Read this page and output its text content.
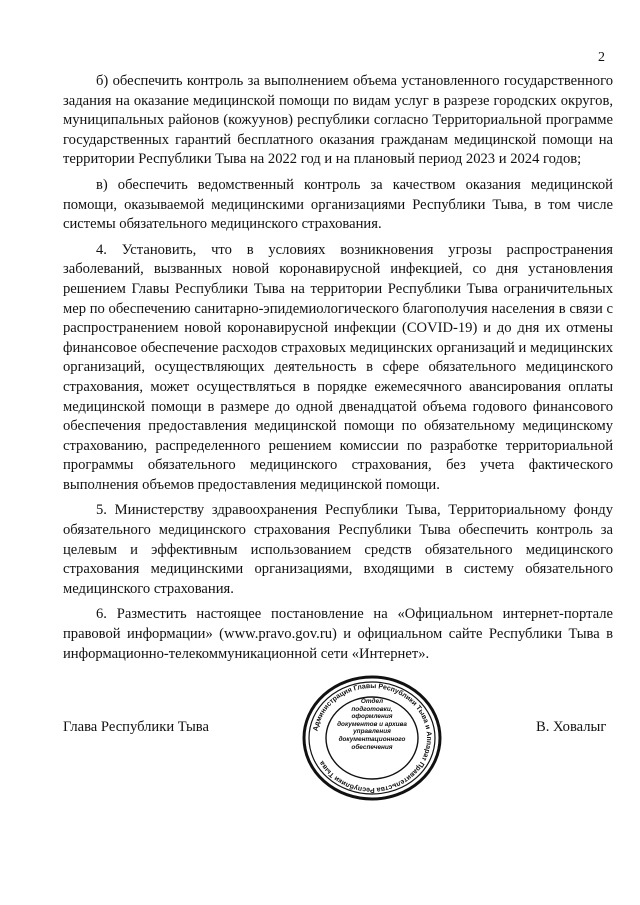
2

б) обеспечить контроль за выполнением объема установленного государственного задания на оказание медицинской помощи по видам услуг в разрезе городских округов, муниципальных районов (кожуунов) республики согласно Территориальной программе государственных гарантий бесплатного оказания гражданам медицинской помощи на территории Республики Тыва на 2022 год и на плановый период 2023 и 2024 годов;

в) обеспечить ведомственный контроль за качеством оказания медицинской помощи, оказываемой медицинскими организациями Республики Тыва, в том числе системы обязательного медицинского страхования.

4. Установить, что в условиях возникновения угрозы распространения заболеваний, вызванных новой коронавирусной инфекцией, со дня установления решением Главы Республики Тыва на территории Республики Тыва ограничительных мер по обеспечению санитарно-эпидемиологического благополучия населения в связи с распространением новой коронавирусной инфекции (COVID-19) и до дня их отмены финансовое обеспечение расходов страховых медицинских организаций и медицинских организаций, осуществляющих деятельность в сфере обязательного медицинского страхования, может осуществляться в порядке ежемесячного авансирования оплаты медицинской помощи в размере до одной двенадцатой объема годового финансового обеспечения предоставления медицинской помощи по обязательному медицинскому страхованию, распределенного решением комиссии по разработке территориальной программы обязательного медицинского страхования, без учета фактического выполнения объемов предоставления медицинской помощи.

5. Министерству здравоохранения Республики Тыва, Территориальному фонду обязательного медицинского страхования Республики Тыва обеспечить контроль за целевым и эффективным использованием средств обязательного медицинского страхования медицинскими организациями, входящими в систему обязательного медицинского страхования.

6. Разместить настоящее постановление на «Официальном интернет-портале правовой информации» (www.pravo.gov.ru) и официальном сайте Республики Тыва в информационно-телекоммуникационной сети «Интернет».

Глава Республики Тыва	Администрация Главы Республики Тыва и Аппарат Правительства Республики Тыва
Отдел
подготовки,
оформления
документов и архива
управления
документационного
обеспечения
В. Ховалыг
